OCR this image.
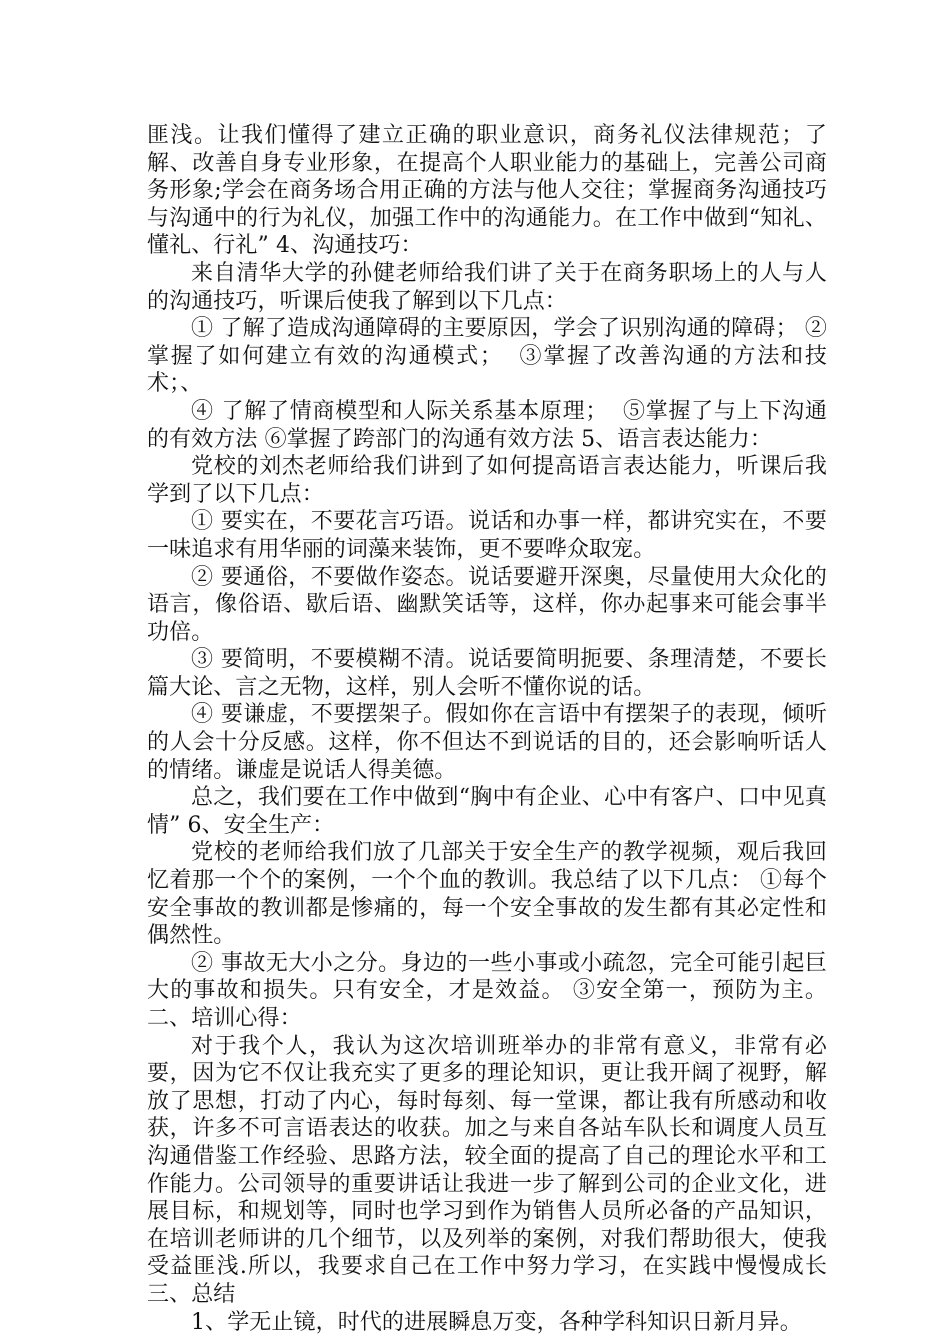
匪浅。让我们懂得了建立正确的职业意识，商务礼仪法律规范；了解、改善自身专业形象，在提高个人职业能力的基础上，完善公司商务形象;学会在商务场合用正确的方法与他人交往；掌握商务沟通技巧与沟通中的行为礼仪，加强工作中的沟通能力。在工作中做到“知礼、懂礼、行礼” 4、沟通技巧：

来自清华大学的孙健老师给我们讲了关于在商务职场上的人与人的沟通技巧，听课后使我了解到以下几点：

① 了解了造成沟通障碍的主要原因，学会了识别沟通的障碍； ②掌握了如何建立有效的沟通模式；  ③掌握了改善沟通的方法和技术；、

④ 了解了情商模型和人际关系基本原理；  ⑤掌握了与上下沟通的有效方法 ⑥掌握了跨部门的沟通有效方法 5、语言表达能力：

党校的刘杰老师给我们讲到了如何提高语言表达能力，听课后我学到了以下几点：

① 要实在，不要花言巧语。说话和办事一样，都讲究实在，不要一味追求有用华丽的词藻来装饰，更不要哗众取宠。

② 要通俗，不要做作姿态。说话要避开深奥，尽量使用大众化的语言，像俗语、歇后语、幽默笑话等，这样，你办起事来可能会事半功倍。

③ 要简明，不要模糊不清。说话要简明扼要、条理清楚，不要长篇大论、言之无物，这样，别人会听不懂你说的话。

④ 要谦虚，不要摆架子。假如你在言语中有摆架子的表现，倾听的人会十分反感。这样，你不但达不到说话的目的，还会影响听话人的情绪。谦虚是说话人得美德。

总之，我们要在工作中做到“胸中有企业、心中有客户、口中见真情” 6、安全生产：

党校的老师给我们放了几部关于安全生产的教学视频，观后我回忆着那一个个的案例，一个个血的教训。我总结了以下几点： ①每个安全事故的教训都是惨痛的，每一个安全事故的发生都有其必定性和偶然性。

② 事故无大小之分。身边的一些小事或小疏忽，完全可能引起巨大的事故和损失。只有安全，才是效益。 ③安全第一，预防为主。 二、培训心得：

对于我个人，我认为这次培训班举办的非常有意义，非常有必要，因为它不仅让我充实了更多的理论知识，更让我开阔了视野，解放了思想，打动了内心，每时每刻、每一堂课，都让我有所感动和收获，许多不可言语表达的收获。加之与来自各站车队长和调度人员互沟通借鉴工作经验、思路方法，较全面的提高了自己的理论水平和工作能力。公司领导的重要讲话让我进一步了解到公司的企业文化，进展目标，和规划等，同时也学习到作为销售人员所必备的产品知识，在培训老师讲的几个细节，以及列举的案例，对我们帮助很大，使我受益匪浅.所以，我要求自己在工作中努力学习，在实践中慢慢成长 三、总结

1、学无止镜，时代的进展瞬息万变，各种学科知识日新月异。
